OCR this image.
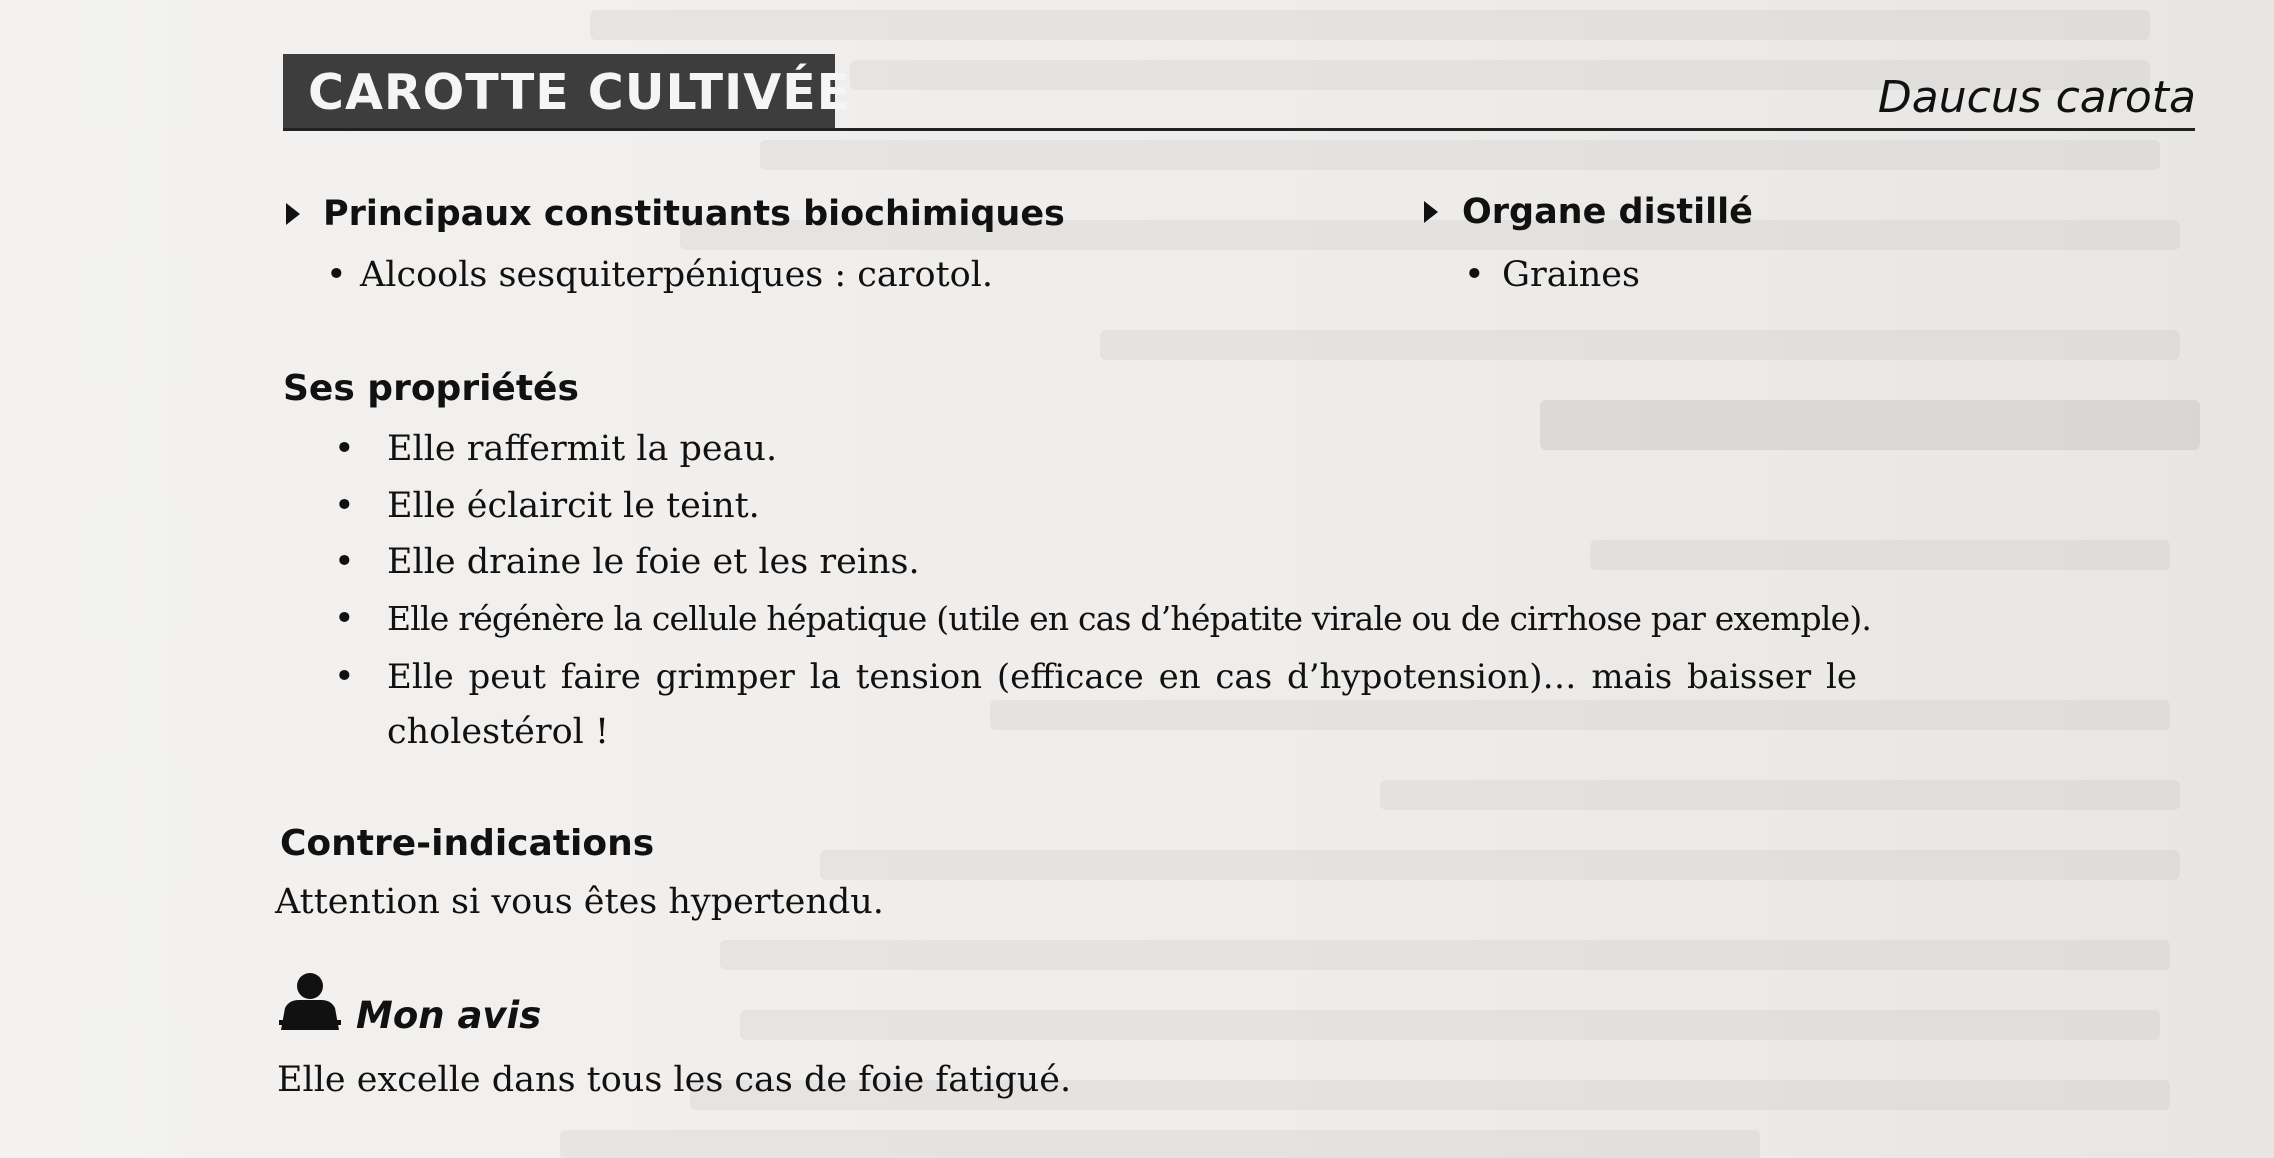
CAROTTE CULTIVÉE	Daucus carota
Principaux constituants biochimiques
• Alcools sesquiterpéniques : carotol.
Organe distillé
• Graines
Ses propriétés
• Elle raffermit la peau.
• Elle éclaircit le teint.
• Elle draine le foie et les reins.
• Elle régénère la cellule hépatique (utile en cas d’hépatite virale ou de cirrhose par exemple).
• Elle peut faire grimper la tension (efficace en cas d’hypotension)… mais baisser le
cholestérol !
Contre-indications
Attention si vous êtes hypertendu.
Mon avis
Elle excelle dans tous les cas de foie fatigué.
